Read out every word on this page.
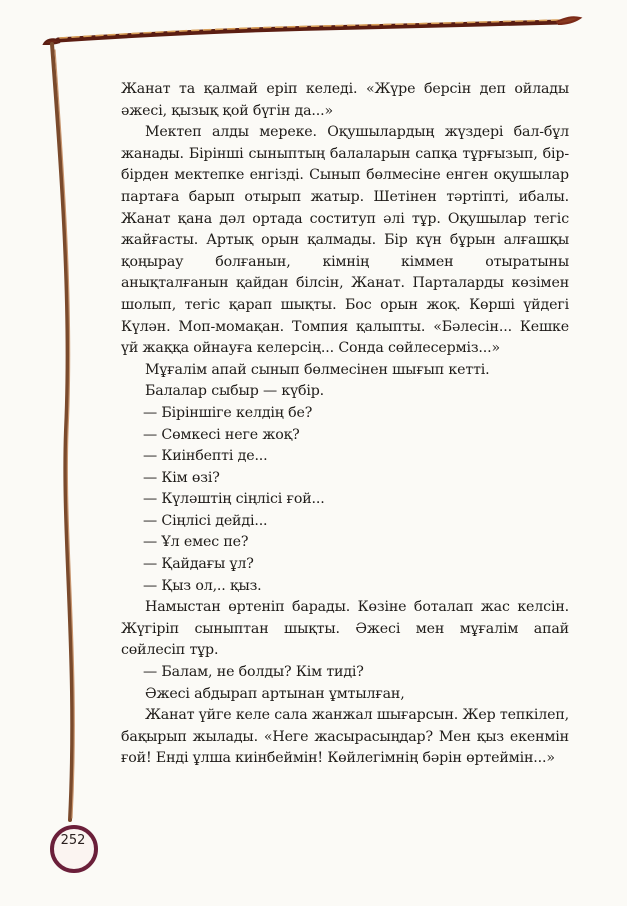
Жанат та қалмай еріп келеді. «Жүре берсін деп ойлады әжесі, қызық қой бүгін да...»

Мектеп алды мереке. Оқушылардың жүздері бал-бұл жанады. Бірінші сыныптың балаларын сапқа тұрғызып, бір-бірден мектепке енгізді. Сынып бөлмесіне енген оқушылар партаға барып отырып жатыр. Шетінен тәртіпті, ибалы. Жанат қана дәл ортада соституп әлі тұр. Оқушылар тегіс жайғасты. Артық орын қалмады. Бір күн бұрын алғашқы қоңырау болғанын, кімнің кіммен отыратыны анықталғанын қайдан білсін, Жанат. Парталарды көзімен шолып, тегіс қарап шықты. Бос орын жоқ. Көрші үйдегі Күлән. Моп-момақан. Томпия қалыпты. «Бәлесін... Кешке үй жаққа ойнауға келерсің... Сонда сөйлесерміз...»

Мұғалім апай сынып бөлмесінен шығып кетті.

Балалар сыбыр — күбір.

— Біріншіге келдің бе?

— Сөмкесі неге жоқ?

— Киінбепті де...

— Кім өзі?

— Күләштің сіңлісі ғой...

— Сіңлісі дейді...

— Ұл емес пе?

— Қайдағы ұл?

— Қыз ол,.. қыз.

Намыстан өртеніп барады. Көзіне боталап жас келсін. Жүгіріп сыныптан шықты. Әжесі мен мұғалім апай сөйлесіп тұр.

— Балам, не болды? Кім тиді?

Әжесі абдырап артынан ұмтылған,

Жанат үйге келе сала жанжал шығарсын. Жер тепкілеп, бақырып жылады. «Неге жасырасыңдар? Мен қыз екенмін ғой! Енді ұлша киінбеймін! Көйлегімнің бәрін өртеймін...»

252
